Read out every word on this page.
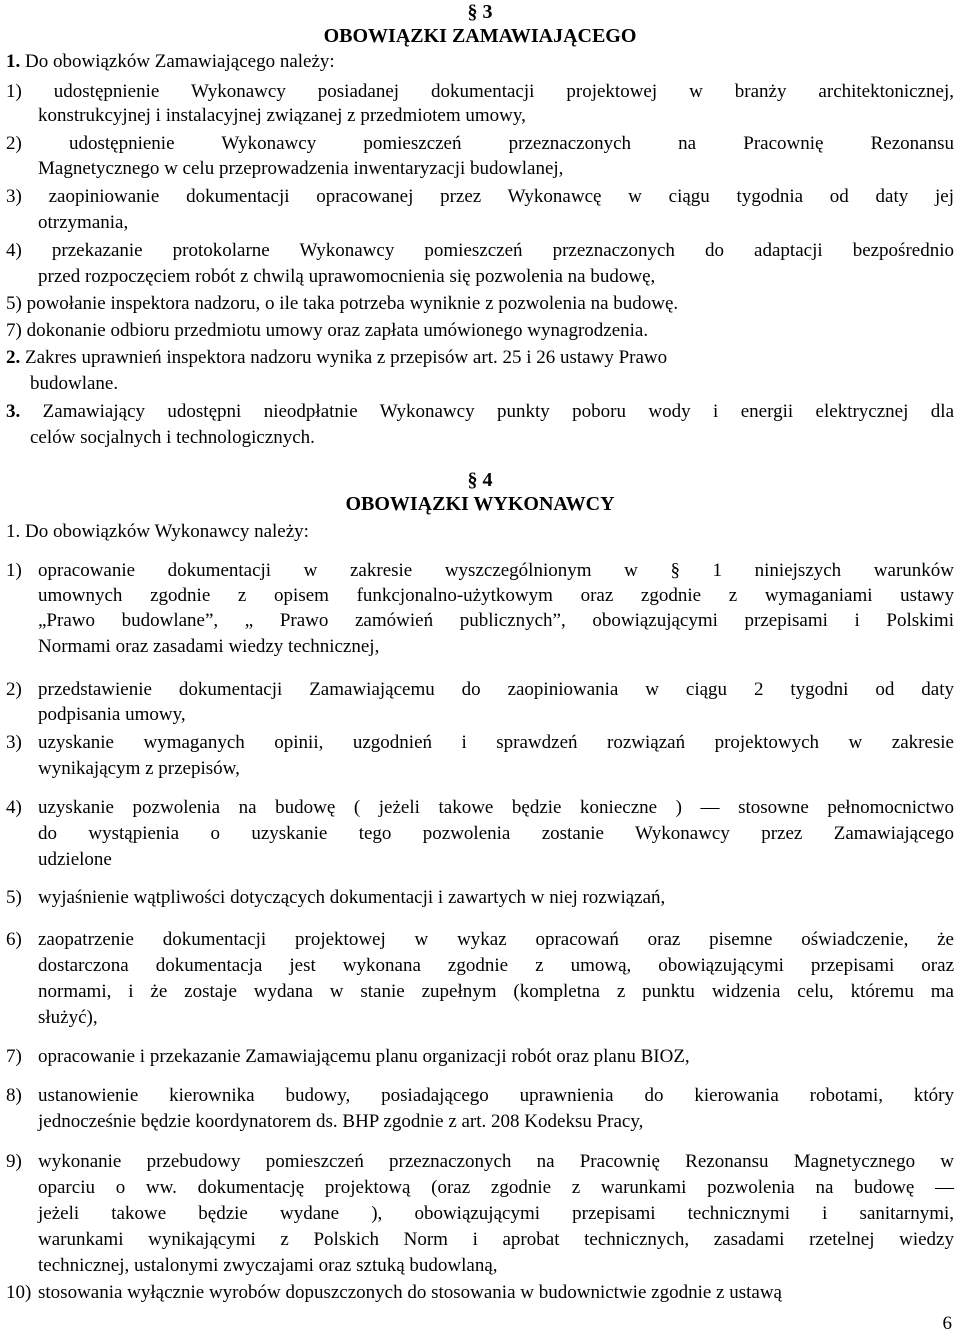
§ 3
OBOWIĄZKI ZAMAWIAJĄCEGO
1. Do obowiązków Zamawiającego należy:
1) udostępnienie Wykonawcy posiadanej dokumentacji projektowej w branży architektonicznej,
konstrukcyjnej i instalacyjnej związanej z przedmiotem umowy,
2) udostępnienie Wykonawcy pomieszczeń przeznaczonych na Pracownię Rezonansu
Magnetycznego w celu przeprowadzenia inwentaryzacji budowlanej,
3) zaopiniowanie dokumentacji opracowanej przez Wykonawcę w ciągu tygodnia od daty jej
otrzymania,
4) przekazanie protokolarne Wykonawcy pomieszczeń przeznaczonych do adaptacji bezpośrednio
przed rozpoczęciem robót z chwilą uprawomocnienia się pozwolenia na budowę,
5) powołanie inspektora nadzoru, o ile taka potrzeba wyniknie z pozwolenia na budowę.
7) dokonanie odbioru przedmiotu umowy oraz zapłata umówionego wynagrodzenia.
2. Zakres uprawnień inspektora nadzoru wynika z przepisów art. 25 i 26 ustawy Prawo
budowlane.
3. Zamawiający udostępni nieodpłatnie Wykonawcy punkty poboru wody i energii elektrycznej dla
celów socjalnych i technologicznych.
§ 4
OBOWIĄZKI WYKONAWCY
1. Do obowiązków Wykonawcy należy:
1) opracowanie dokumentacji w zakresie wyszczególnionym w § 1 niniejszych warunków
umownych zgodnie z opisem funkcjonalno-użytkowym oraz zgodnie z wymaganiami ustawy
„Prawo budowlane”, „ Prawo zamówień publicznych”, obowiązującymi przepisami i Polskimi
Normami oraz zasadami wiedzy technicznej,
2) przedstawienie dokumentacji Zamawiającemu do zaopiniowania w ciągu 2 tygodni od daty
podpisania umowy,
3) uzyskanie wymaganych opinii, uzgodnień i sprawdzeń rozwiązań projektowych w zakresie
wynikającym z przepisów,
4) uzyskanie pozwolenia na budowę ( jeżeli takowe będzie konieczne ) — stosowne pełnomocnictwo
do wystąpienia o uzyskanie tego pozwolenia zostanie Wykonawcy przez Zamawiającego
udzielone
5) wyjaśnienie wątpliwości dotyczących dokumentacji i zawartych w niej rozwiązań,
6) zaopatrzenie dokumentacji projektowej w wykaz opracowań oraz pisemne oświadczenie, że
dostarczona dokumentacja jest wykonana zgodnie z umową, obowiązującymi przepisami oraz
normami, i że zostaje wydana w stanie zupełnym (kompletna z punktu widzenia celu, któremu ma
służyć),
7) opracowanie i przekazanie Zamawiającemu planu organizacji robót oraz planu BIOZ,
8) ustanowienie kierownika budowy, posiadającego uprawnienia do kierowania robotami, który
jednocześnie będzie koordynatorem ds. BHP zgodnie z art. 208 Kodeksu Pracy,
9) wykonanie przebudowy pomieszczeń przeznaczonych na Pracownię Rezonansu Magnetycznego w
oparciu o ww. dokumentację projektową (oraz zgodnie z warunkami pozwolenia na budowę —
jeżeli takowe będzie wydane ), obowiązującymi przepisami technicznymi i sanitarnymi,
warunkami wynikającymi z Polskich Norm i aprobat technicznych, zasadami rzetelnej wiedzy
technicznej, ustalonymi zwyczajami oraz sztuką budowlaną,
10) stosowania wyłącznie wyrobów dopuszczonych do stosowania w budownictwie zgodnie z ustawą
6
